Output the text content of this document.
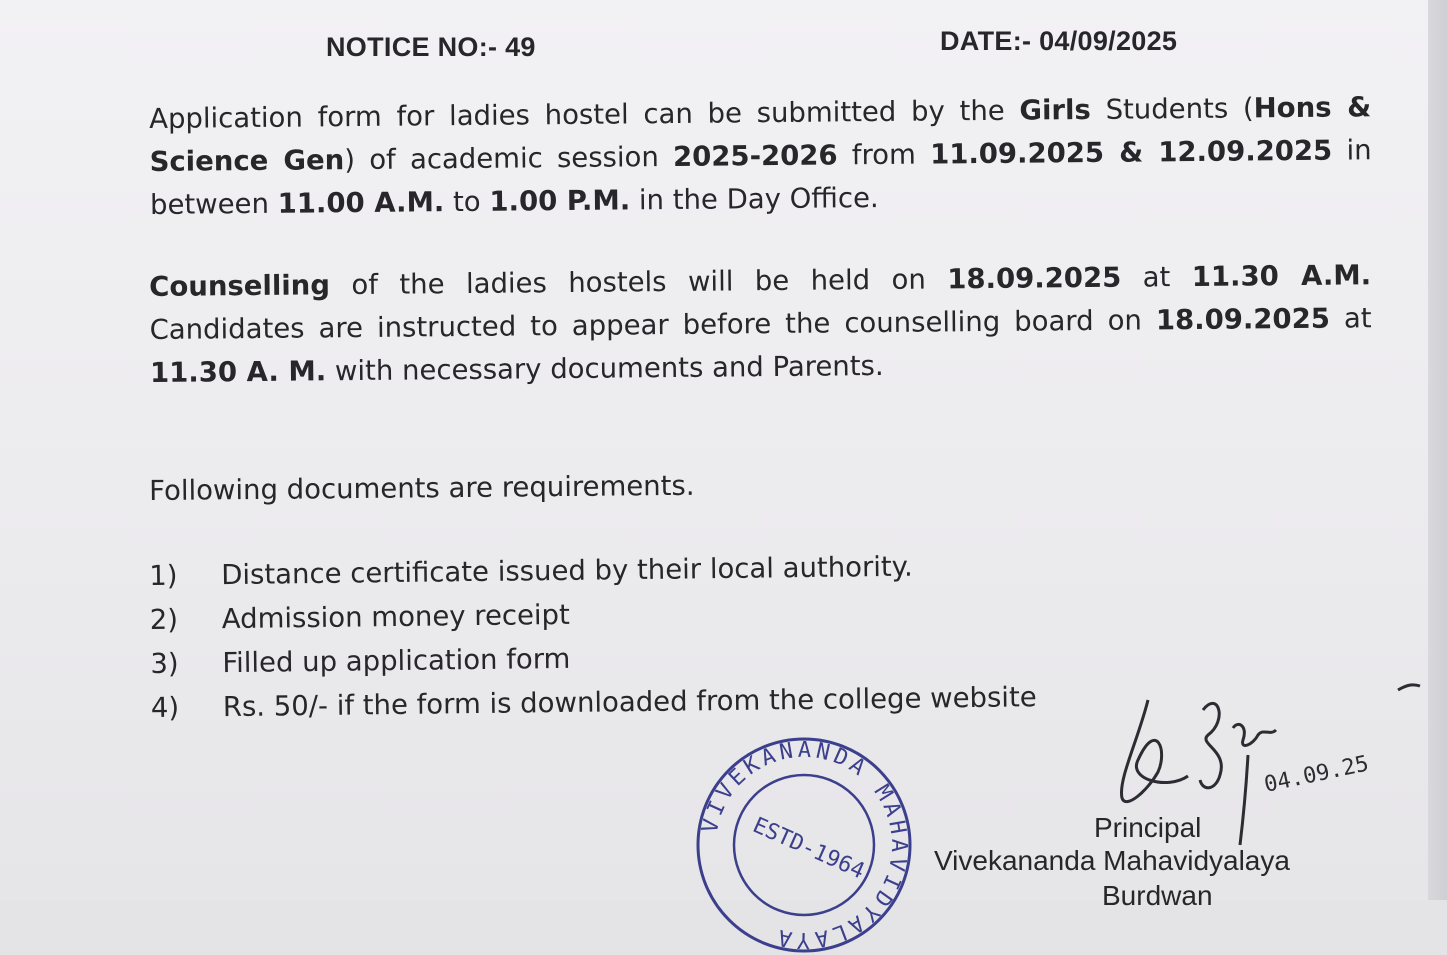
NOTICE NO:- 49	DATE:- 04/09/2025
Application form for ladies hostel can be submitted by the Girls Students (Hons & Science Gen) of academic session 2025-2026 from 11.09.2025 & 12.09.2025 in between 11.00 A.M. to 1.00 P.M. in the Day Office.
Counselling of the ladies hostels will be held on 18.09.2025 at 11.30 A.M. Candidates are instructed to appear before the counselling board on 18.09.2025 at 11.30 A. M. with necessary documents and Parents.
Following documents are requirements.
1)	Distance certificate issued by their local authority.
2)	Admission money receipt
3)	Filled up application form
4)	Rs. 50/- if the form is downloaded from the college website
VIVEKANANDA MAHAVIDYALAYA
ESTD-1964
04.09.25
Principal
Vivekananda Mahavidyalaya
Burdwan
